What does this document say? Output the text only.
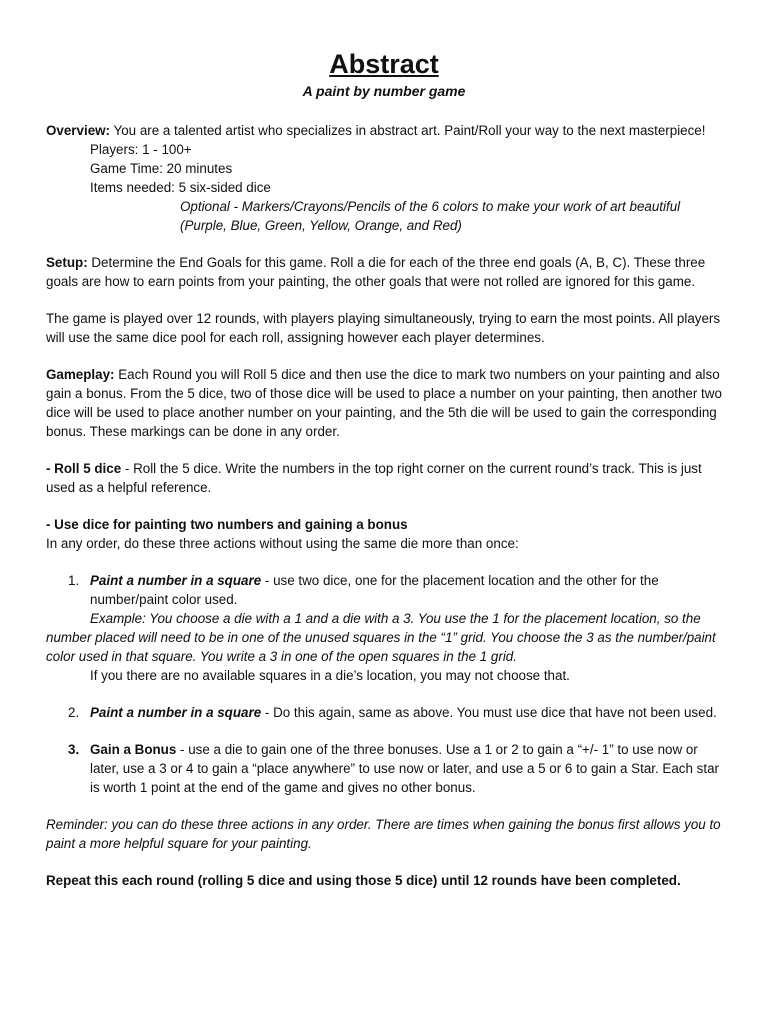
Abstract
A paint by number game

Overview: You are a talented artist who specializes in abstract art. Paint/Roll your way to the next masterpiece!

Players: 1 - 100+

Game Time: 20 minutes

Items needed: 5 six-sided dice

Optional - Markers/Crayons/Pencils of the 6 colors to make your work of art beautiful

(Purple, Blue, Green, Yellow, Orange, and Red)

Setup: Determine the End Goals for this game. Roll a die for each of the three end goals (A, B, C). These three goals are how to earn points from your painting, the other goals that were not rolled are ignored for this game.

The game is played over 12 rounds, with players playing simultaneously, trying to earn the most points. All players will use the same dice pool for each roll, assigning however each player determines.

Gameplay: Each Round you will Roll 5 dice and then use the dice to mark two numbers on your painting and also gain a bonus. From the 5 dice, two of those dice will be used to place a number on your painting, then another two dice will be used to place another number on your painting, and the 5th die will be used to gain the corresponding bonus. These markings can be done in any order.

- Roll 5 dice - Roll the 5 dice. Write the numbers in the top right corner on the current round’s track. This is just used as a helpful reference.

- Use dice for painting two numbers and gaining a bonus

In any order, do these three actions without using the same die more than once:

1. Paint a number in a square - use two dice, one for the placement location and the other for the number/paint color used.
Example: You choose a die with a 1 and a die with a 3. You use the 1 for the placement location, so the
number placed will need to be in one of the unused squares in the “1” grid. You choose the 3 as the number/paint color used in that square. You write a 3 in one of the open squares in the 1 grid.
If you there are no available squares in a die’s location, you may not choose that.
2. Paint a number in a square - Do this again, same as above. You must use dice that have not been used.
3. Gain a Bonus - use a die to gain one of the three bonuses. Use a 1 or 2 to gain a “+/- 1” to use now or later, use a 3 or 4 to gain a “place anywhere” to use now or later, and use a 5 or 6 to gain a Star. Each star is worth 1 point at the end of the game and gives no other bonus.

Reminder: you can do these three actions in any order. There are times when gaining the bonus first allows you to paint a more helpful square for your painting.

Repeat this each round (rolling 5 dice and using those 5 dice) until 12 rounds have been completed.
